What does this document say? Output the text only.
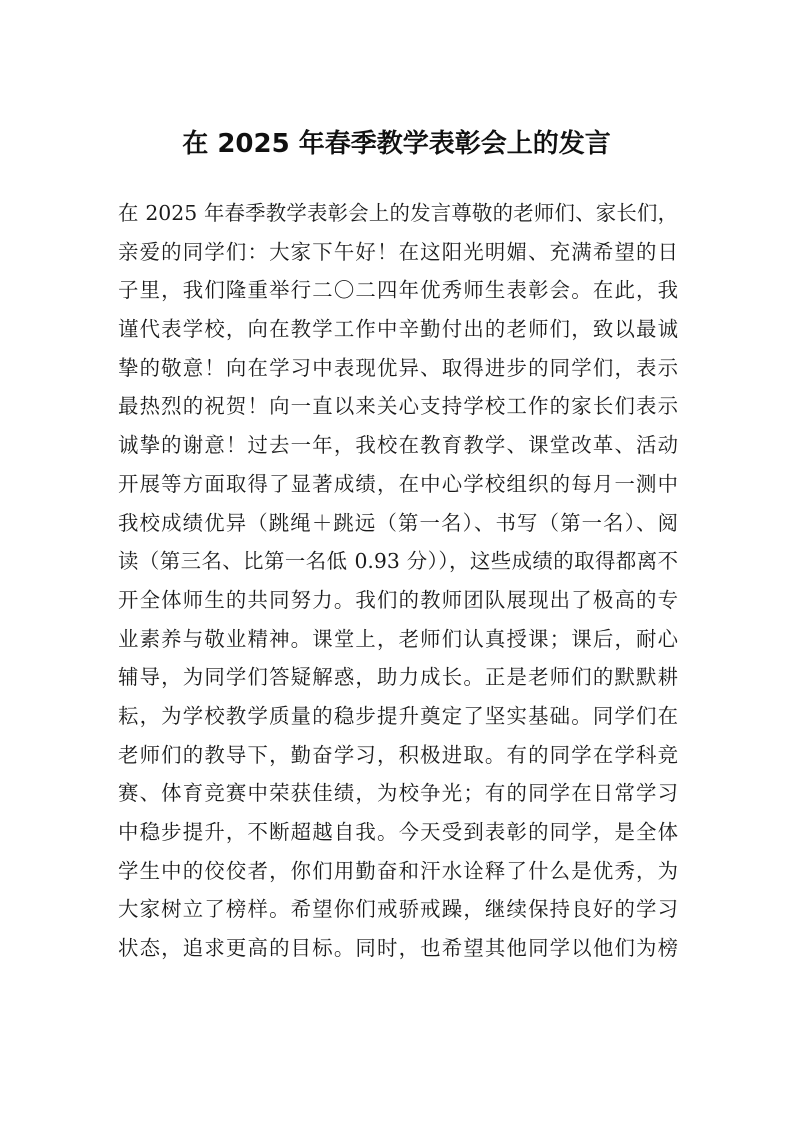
在 2025 年春季教学表彰会上的发言
在 2025 年春季教学表彰会上的发言尊敬的老师们、家长们，
亲爱的同学们：大家下午好！在这阳光明媚、充满希望的日
子里，我们隆重举行二〇二四年优秀师生表彰会。在此，我
谨代表学校，向在教学工作中辛勤付出的老师们，致以最诚
挚的敬意！向在学习中表现优异、取得进步的同学们，表示
最热烈的祝贺！向一直以来关心支持学校工作的家长们表示
诚挚的谢意！过去一年，我校在教育教学、课堂改革、活动
开展等方面取得了显著成绩，在中心学校组织的每月一测中
我校成绩优异（跳绳＋跳远（第一名）、书写（第一名）、阅
读（第三名、比第一名低 0.93 分）），这些成绩的取得都离不
开全体师生的共同努力。我们的教师团队展现出了极高的专
业素养与敬业精神。课堂上，老师们认真授课；课后，耐心
辅导，为同学们答疑解惑，助力成长。正是老师们的默默耕
耘，为学校教学质量的稳步提升奠定了坚实基础。同学们在
老师们的教导下，勤奋学习，积极进取。有的同学在学科竞
赛、体育竞赛中荣获佳绩，为校争光；有的同学在日常学习
中稳步提升，不断超越自我。今天受到表彰的同学，是全体
学生中的佼佼者，你们用勤奋和汗水诠释了什么是优秀，为
大家树立了榜样。希望你们戒骄戒躁，继续保持良好的学习
状态，追求更高的目标。同时，也希望其他同学以他们为榜
